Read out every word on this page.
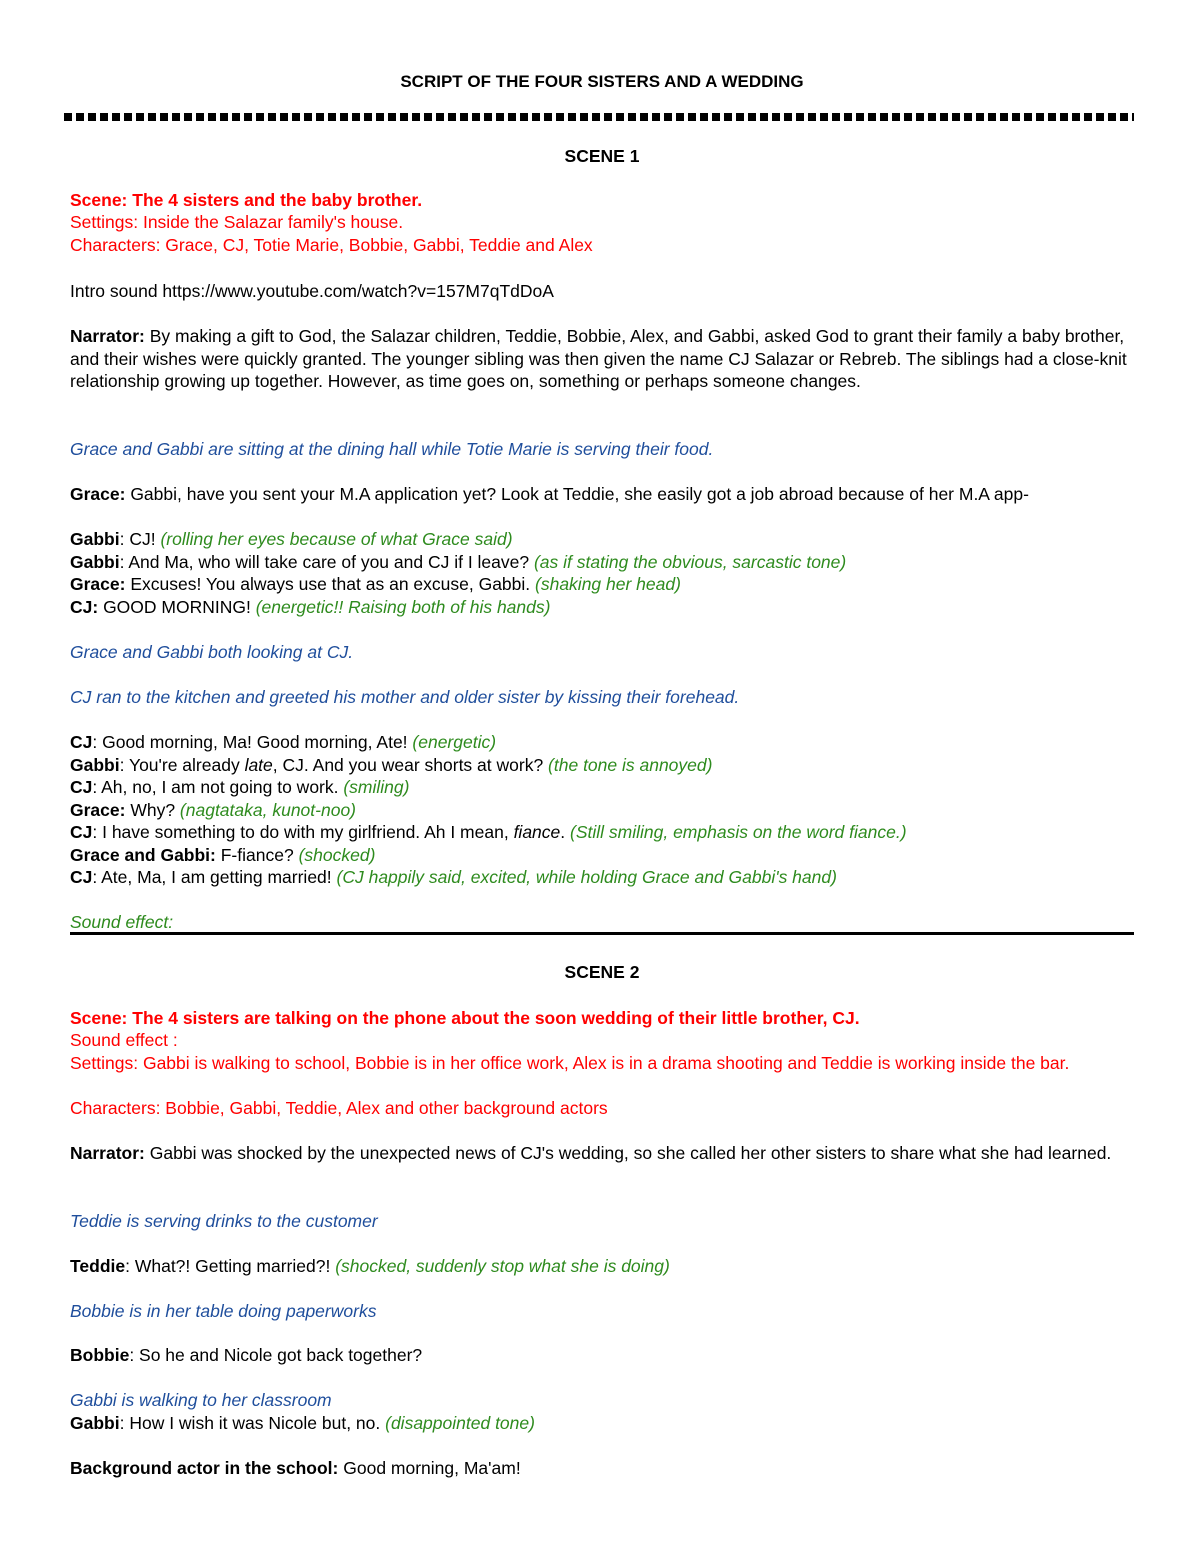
SCRIPT OF THE FOUR SISTERS AND A WEDDING
SCENE 1
Scene: The 4 sisters and the baby brother.
Settings: Inside the Salazar family's house.
Characters: Grace, CJ, Totie Marie, Bobbie, Gabbi, Teddie and Alex
Intro sound https://www.youtube.com/watch?v=157M7qTdDoA
Narrator: By making a gift to God, the Salazar children, Teddie, Bobbie, Alex, and Gabbi, asked God to grant their family a baby brother, and their wishes were quickly granted. The younger sibling was then given the name CJ Salazar or Rebreb. The siblings had a close-knit relationship growing up together. However, as time goes on, something or perhaps someone changes.
Grace and Gabbi are sitting at the dining hall while Totie Marie is serving their food.
Grace: Gabbi, have you sent your M.A application yet? Look at Teddie, she easily got a job abroad because of her M.A app-
Gabbi: CJ! (rolling her eyes because of what Grace said)
Gabbi: And Ma, who will take care of you and CJ if I leave? (as if stating the obvious, sarcastic tone)
Grace: Excuses! You always use that as an excuse, Gabbi. (shaking her head)
CJ: GOOD MORNING! (energetic!! Raising both of his hands)
Grace and Gabbi both looking at CJ.
CJ ran to the kitchen and greeted his mother and older sister by kissing their forehead.
CJ: Good morning, Ma! Good morning, Ate! (energetic)
Gabbi: You're already late, CJ. And you wear shorts at work? (the tone is annoyed)
CJ: Ah, no, I am not going to work. (smiling)
Grace: Why? (nagtataka, kunot-noo)
CJ: I have something to do with my girlfriend. Ah I mean, fiance. (Still smiling, emphasis on the word fiance.)
Grace and Gabbi: F-fiance? (shocked)
CJ: Ate, Ma, I am getting married! (CJ happily said, excited, while holding Grace and Gabbi's hand)
Sound effect:
SCENE 2
Scene: The 4 sisters are talking on the phone about the soon wedding of their little brother, CJ.
Sound effect :
Settings: Gabbi is walking to school, Bobbie is in her office work, Alex is in a drama shooting and Teddie is working inside the bar.
Characters: Bobbie, Gabbi, Teddie, Alex and other background actors
Narrator: Gabbi was shocked by the unexpected news of CJ's wedding, so she called her other sisters to share what she had learned.
Teddie is serving drinks to the customer
Teddie: What?! Getting married?! (shocked, suddenly stop what she is doing)
Bobbie is in her table doing paperworks
Bobbie: So he and Nicole got back together?
Gabbi is walking to her classroom
Gabbi: How I wish it was Nicole but, no. (disappointed tone)
Background actor in the school: Good morning, Ma'am!
